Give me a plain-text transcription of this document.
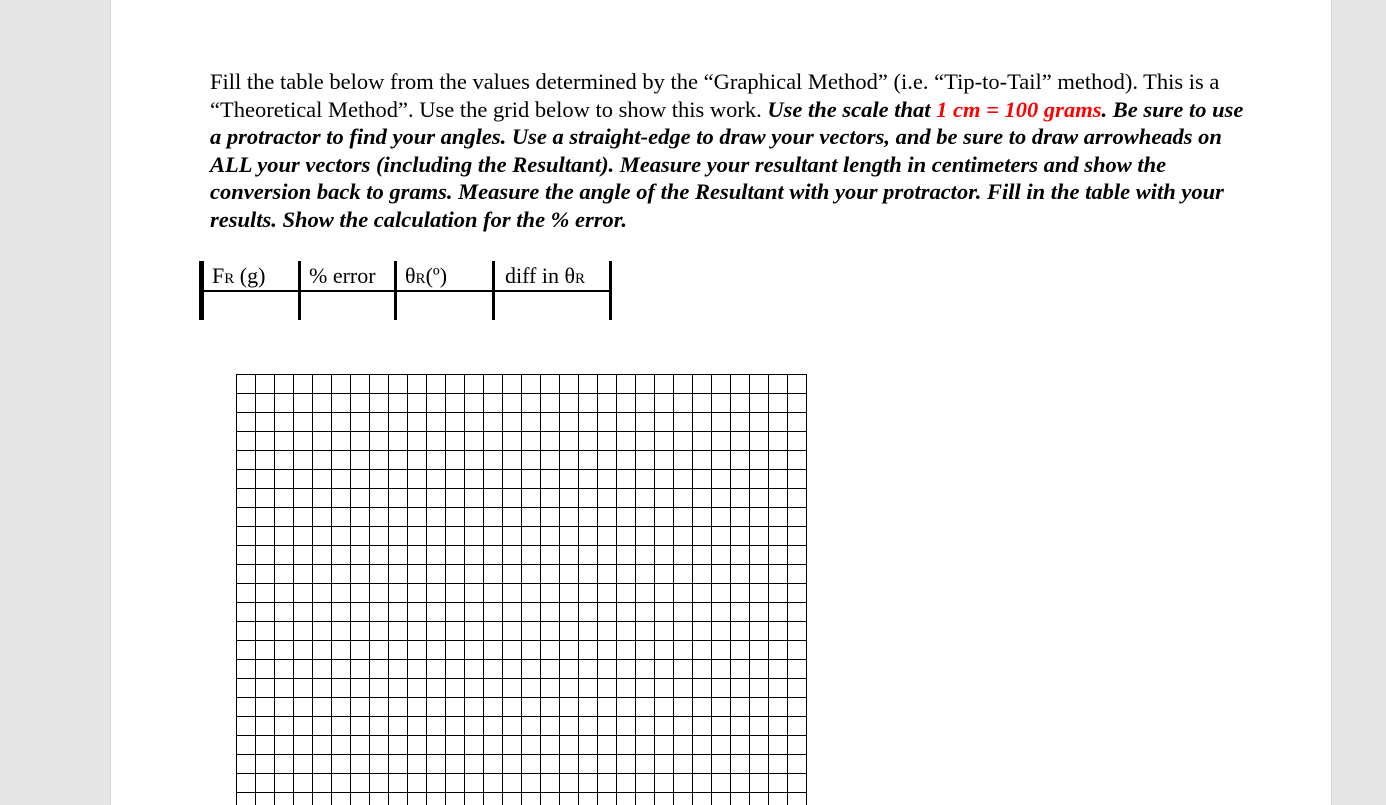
Fill the table below from the values determined by the “Graphical Method” (i.e. “Tip-to-Tail” method). This is a “Theoretical Method”. Use the grid below to show this work. Use the scale that 1 cm = 100 grams. Be sure to use a protractor to find your angles. Use a straight-edge to draw your vectors, and be sure to draw arrowheads on ALL your vectors (including the Resultant). Measure your resultant length in centimeters and show the conversion back to grams. Measure the angle of the Resultant with your protractor. Fill in the table with your results. Show the calculation for the % error.

FR (g)	% error	θR(º)	diff in θR
